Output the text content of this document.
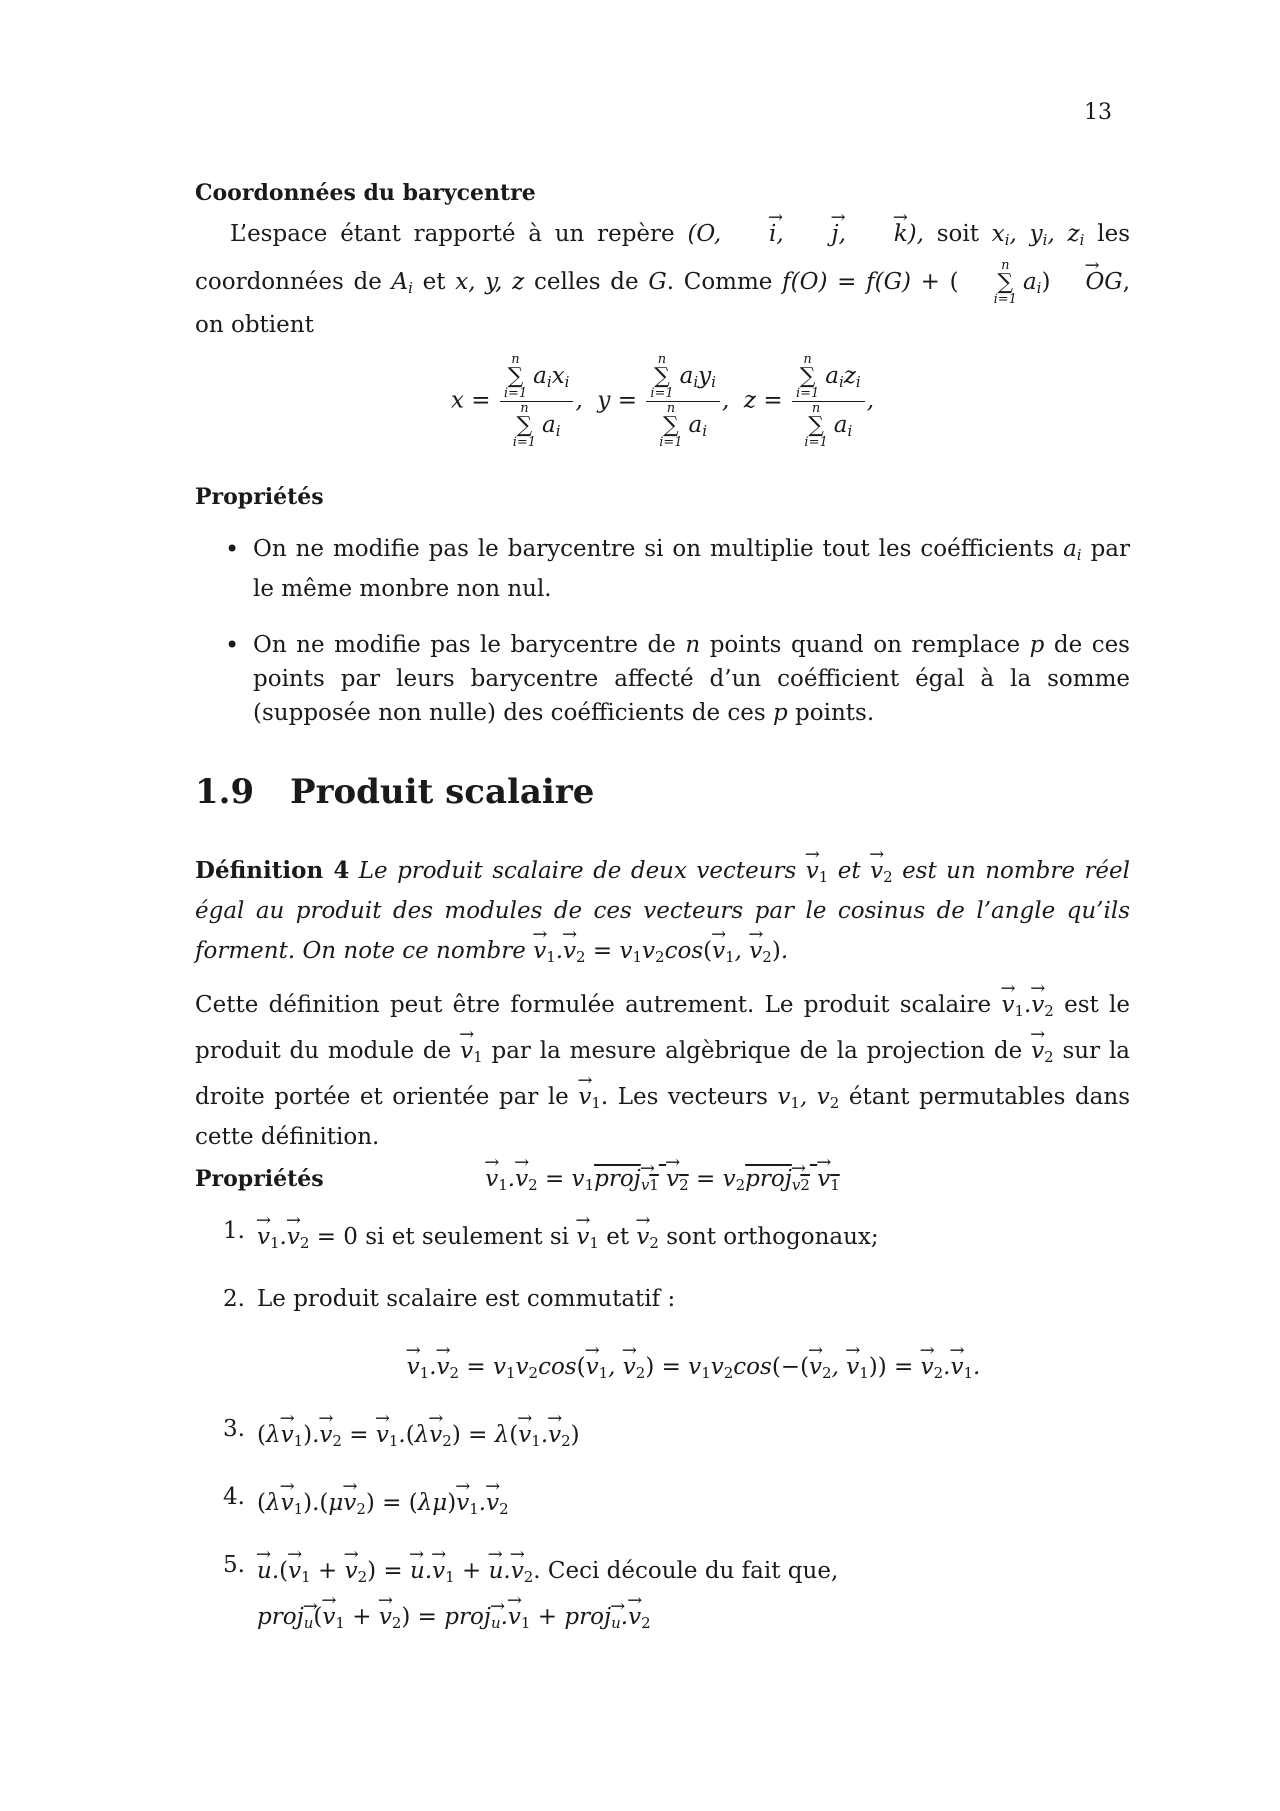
13
Coordonnées du barycentre
L’espace étant rapporté à un repère (O, → i, → j, → k), soit xi, yi, zi les coordonnées de Ai et x, y, z celles de G. Comme f(O) = f(G) + (
n
∑
i=1
ai) → OG, on obtient
x = n
∑
i=1
aixi
n
∑
i=1
ai ,  y = n
∑
i=1
aiyi
n
∑
i=1
ai ,  z = n
∑
i=1
aizi
n
∑
i=1
ai ,
Propriétés
• On ne modifie pas le barycentre si on multiplie tout les coéfficients ai par le même monbre non nul.
• On ne modifie pas le barycentre de n points quand on remplace p de ces points par leurs barycentre affecté d’un coéfficient égal à la somme (supposée non nulle) des coéfficients de ces p points.
1.9 Produit scalaire
Définition 4 Le produit scalaire de deux vecteurs → $v_1$ et → $v_2$ est un nombre réel égal au produit des modules de ces vecteurs par le cosinus de l’angle qu’ils forment. On note ce nombre → $v_1.\to v_2 = v_1v_2\cos(\to v_1$, → $v_2$).
Cette définition peut être formulée autrement. Le produit scalaire → $v_1.\to v_2$ est le produit du module de → $v_1$ par la mesure algèbrique de la projection de → $v_2$ sur la droite portée et orientée par le → $v_1$. Les vecteurs $v_1$, $v_2$ étant permutables dans cette définition.
→ $v_1.\to v_2$ = $v_1proj\to _{v1} \to v_2$ = $v_2proj\to _{v2} \to v_1$
Propriétés
1. → $v_1.\to v_2 = 0$ si et seulement si → $v_1$ et → $v_2$ sont orthogonaux;
2. Le produit scalaire est commutatif :
→ $v_1.\to v_2 = v_1v_2\cos(\to v_1$, → $v_2) = v_1v_2\cos(-(\to v_2$, → $v_1$)) = → $v_2.\to v_1$.
3. $(\lambda\to v_1).\to v_2$ = → $v_1.(\lambda\to v_2) = \lambda(\to v_1.\to v_2)$
4. $(\lambda\to v_1).(\mu\to v_2) = (\lambda\mu)\to v_1.\to v_2$
5. → $u.(\to v_1$ + → $v_2$) = → $u.\to v_1$ + → $u.\to v_2$. Ceci découle du fait que,
proj→ $_u(\to v_1$ + → $v_2$) = proj→ $_u.\to v_1$ + proj→ $_u.\to v_2$
